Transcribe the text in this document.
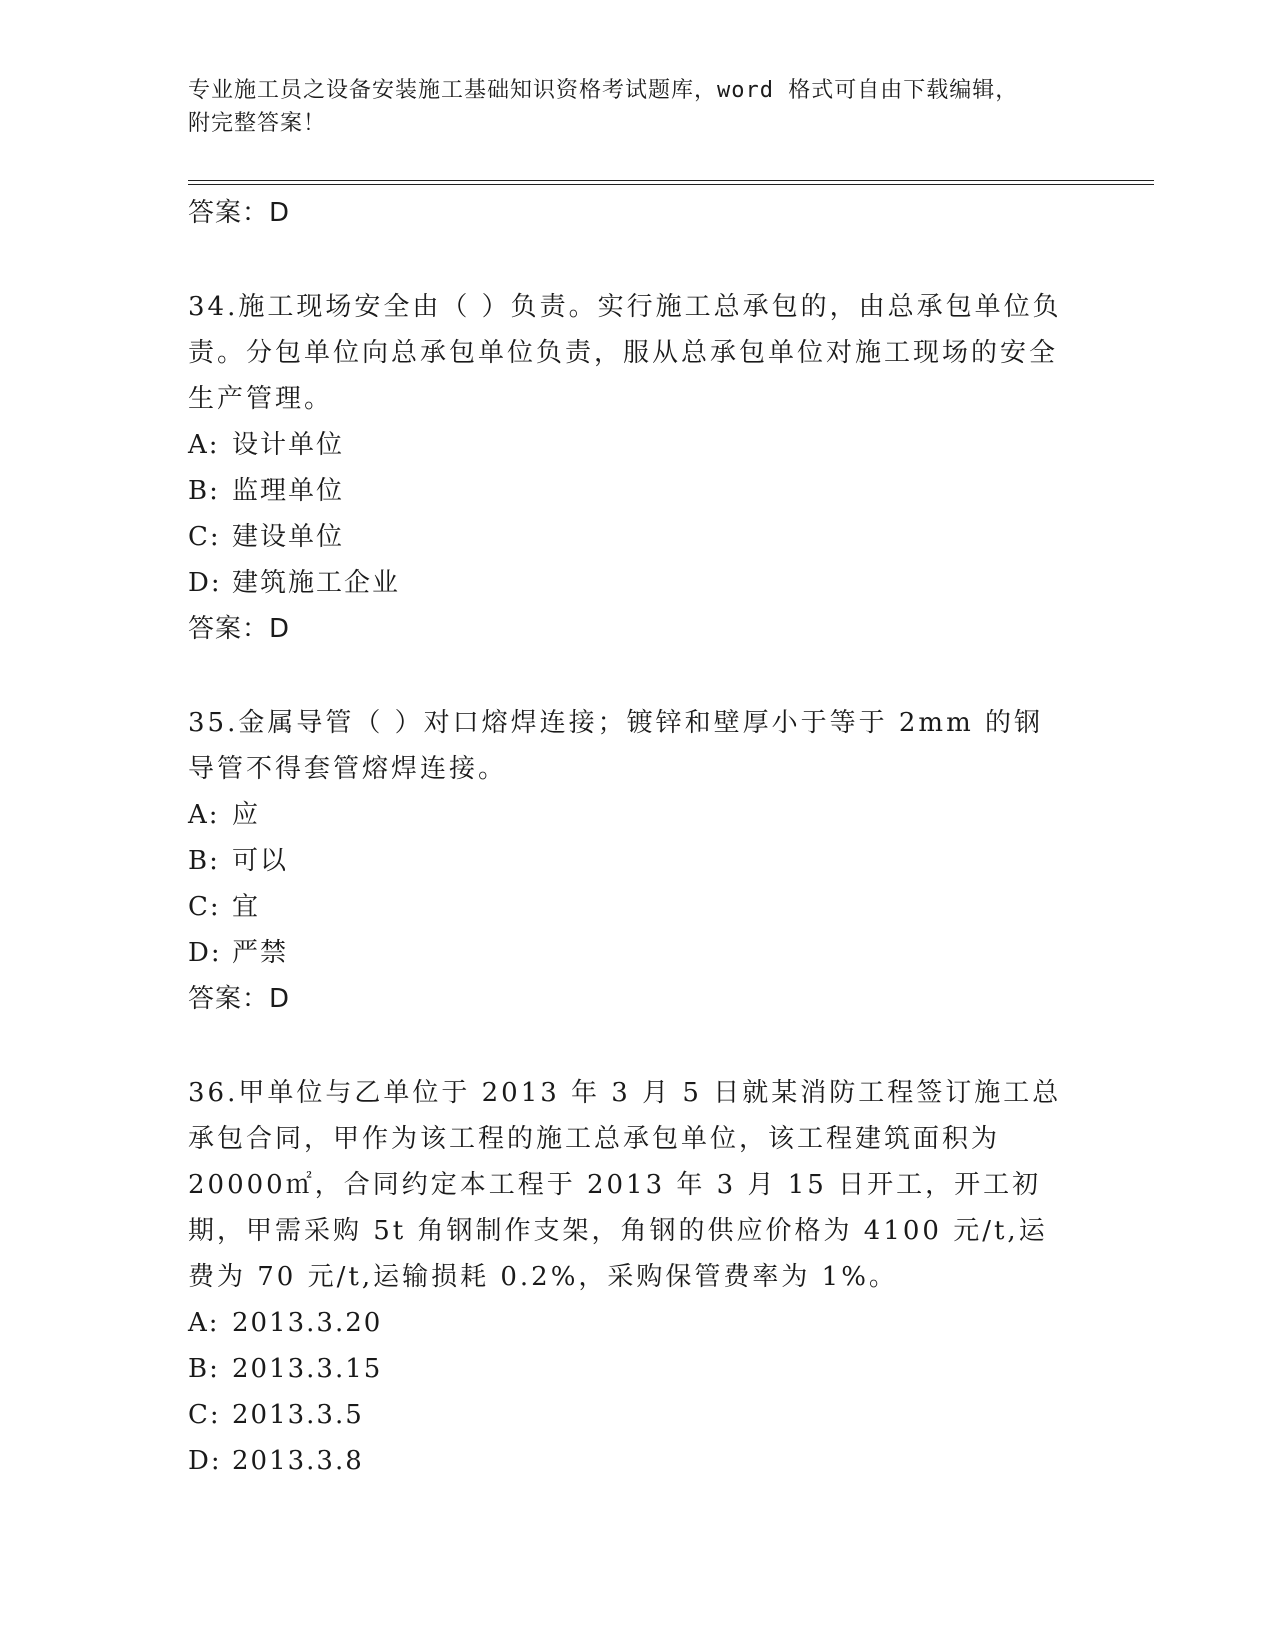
专业施工员之设备安装施工基础知识资格考试题库，word 格式可自由下载编辑，
附完整答案！
答案：D

34.施工现场安全由（ ）负责。实行施工总承包的，由总承包单位负责。分包单位向总承包单位负责，服从总承包单位对施工现场的安全生产管理。

A: 设计单位
B: 监理单位
C: 建设单位
D: 建筑施工企业
答案：D

35.金属导管（ ）对口熔焊连接；镀锌和壁厚小于等于 2mm 的钢导管不得套管熔焊连接。

A: 应
B: 可以
C: 宜
D: 严禁
答案：D

36.甲单位与乙单位于 2013 年 3 月 5 日就某消防工程签订施工总承包合同，甲作为该工程的施工总承包单位，该工程建筑面积为 20000㎡，合同约定本工程于 2013 年 3 月 15 日开工，开工初期，甲需采购 5t 角钢制作支架，角钢的供应价格为 4100 元/t,运费为 70 元/t,运输损耗 0.2%，采购保管费率为 1%。

A: 2013.3.20
B: 2013.3.15
C: 2013.3.5
D: 2013.3.8
